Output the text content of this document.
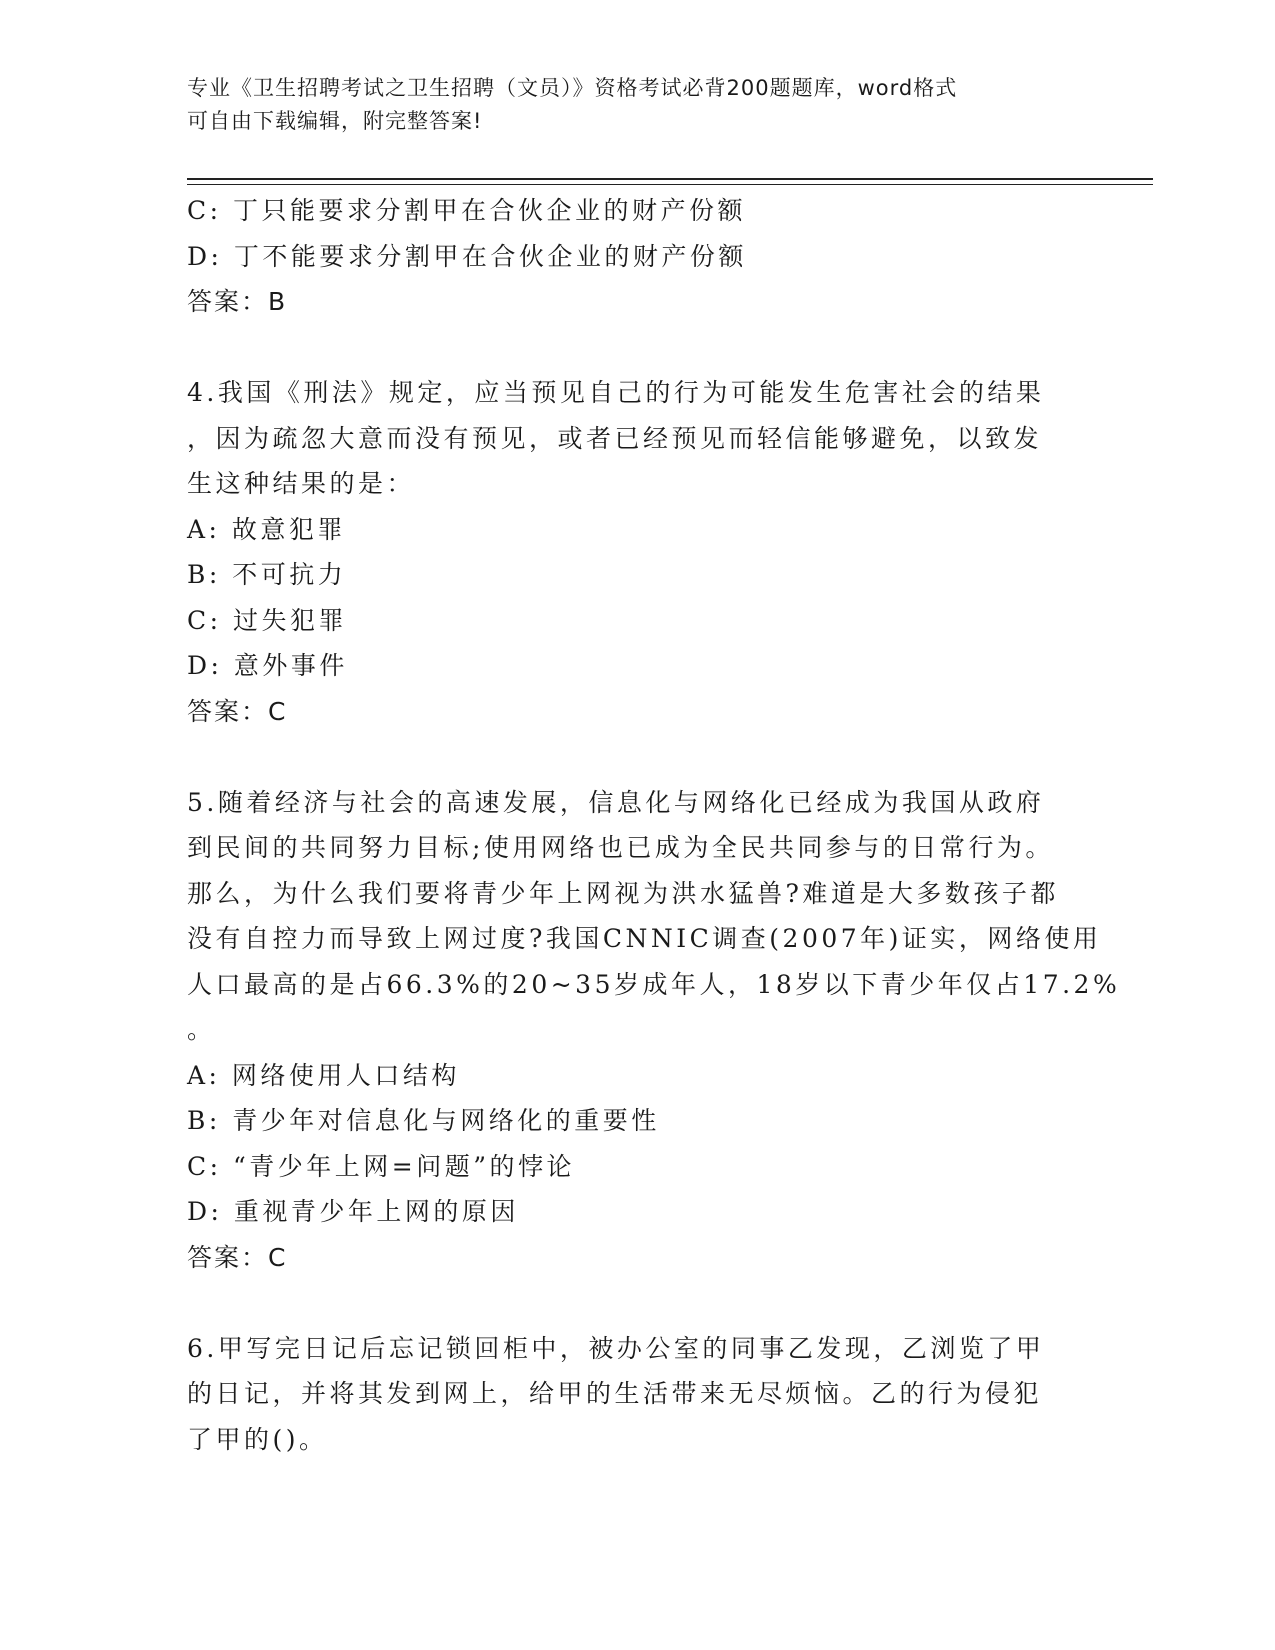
专业《卫生招聘考试之卫生招聘（文员）》资格考试必背200题题库，word格式
可自由下载编辑，附完整答案!
C: 丁只能要求分割甲在合伙企业的财产份额
D: 丁不能要求分割甲在合伙企业的财产份额
答案：B
4.我国《刑法》规定，应当预见自己的行为可能发生危害社会的结果
，因为疏忽大意而没有预见，或者已经预见而轻信能够避免，以致发
生这种结果的是：
A: 故意犯罪
B: 不可抗力
C: 过失犯罪
D: 意外事件
答案：C
5.随着经济与社会的高速发展，信息化与网络化已经成为我国从政府
到民间的共同努力目标;使用网络也已成为全民共同参与的日常行为。
那么，为什么我们要将青少年上网视为洪水猛兽?难道是大多数孩子都
没有自控力而导致上网过度?我国CNNIC调查(2007年)证实，网络使用
人口最高的是占66.3%的20~35岁成年人，18岁以下青少年仅占17.2%
。
A: 网络使用人口结构
B: 青少年对信息化与网络化的重要性
C: “青少年上网=问题”的悖论
D: 重视青少年上网的原因
答案：C
6.甲写完日记后忘记锁回柜中，被办公室的同事乙发现，乙浏览了甲
的日记，并将其发到网上，给甲的生活带来无尽烦恼。乙的行为侵犯
了甲的()。
